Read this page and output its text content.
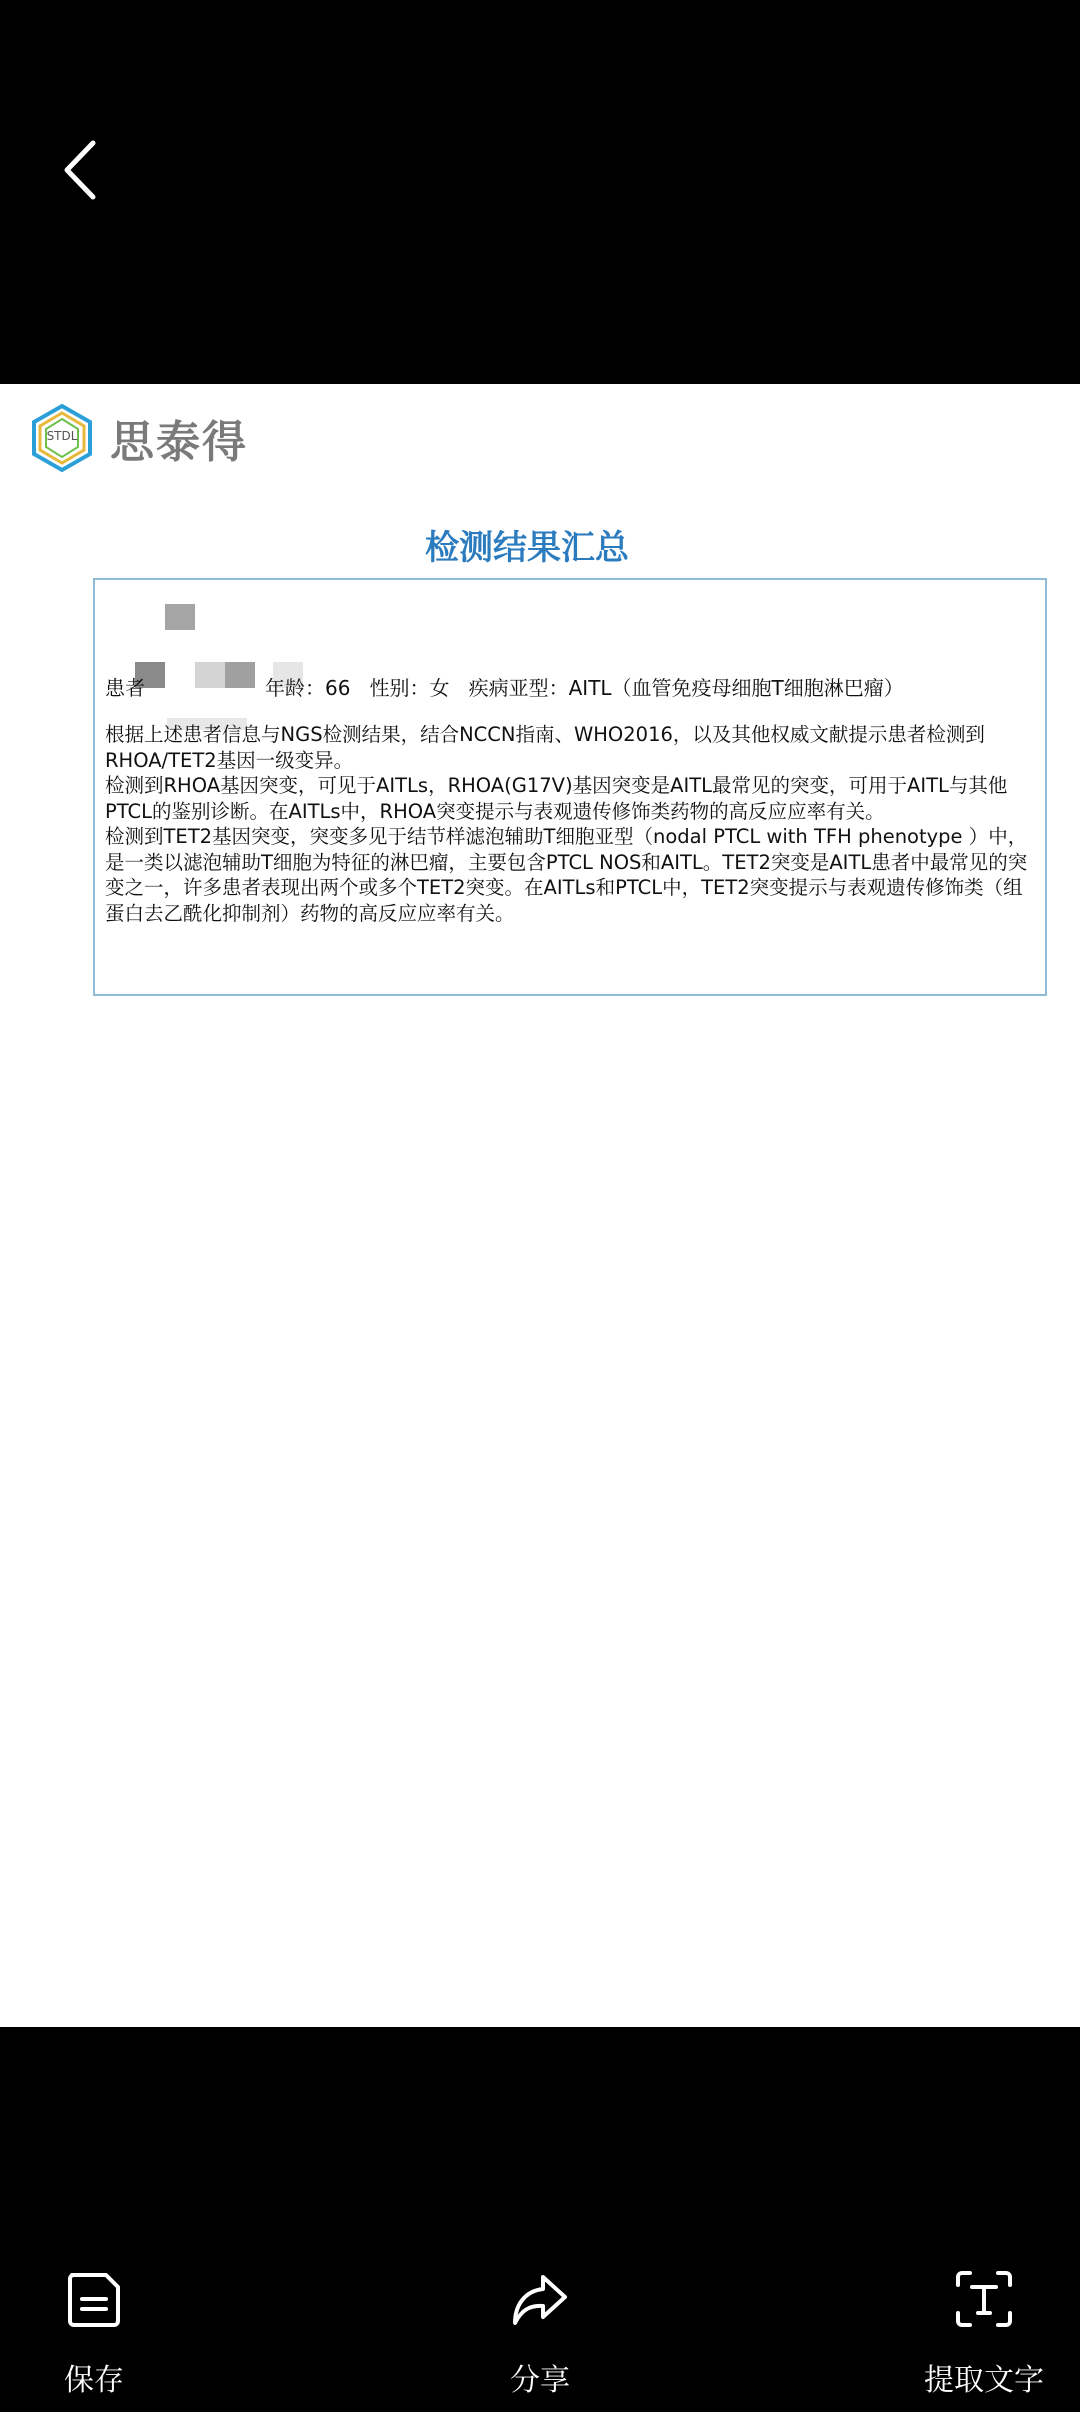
STDL 思泰得
检测结果汇总
患者	年龄：66 性别：女 疾病亚型：AITL（血管免疫母细胞T细胞淋巴瘤）

根据上述患者信息与NGS检测结果，结合NCCN指南、WHO2016，以及其他权威文献提示患者检测到RHOA/TET2基因一级变异。

检测到RHOA基因突变，可见于AITLs，RHOA(G17V)基因突变是AITL最常见的突变，可用于AITL与其他PTCL的鉴别诊断。在AITLs中，RHOA突变提示与表观遗传修饰类药物的高反应应率有关。

检测到TET2基因突变，突变多见于结节样滤泡辅助T细胞亚型（nodal PTCL with TFH phenotype ）中，是一类以滤泡辅助T细胞为特征的淋巴瘤，主要包含PTCL NOS和AITL。TET2突变是AITL患者中最常见的突变之一，许多患者表现出两个或多个TET2突变。在AITLs和PTCL中，TET2突变提示与表观遗传修饰类（组蛋白去乙酰化抑制剂）药物的高反应应率有关。

保存	分享	提取文字
